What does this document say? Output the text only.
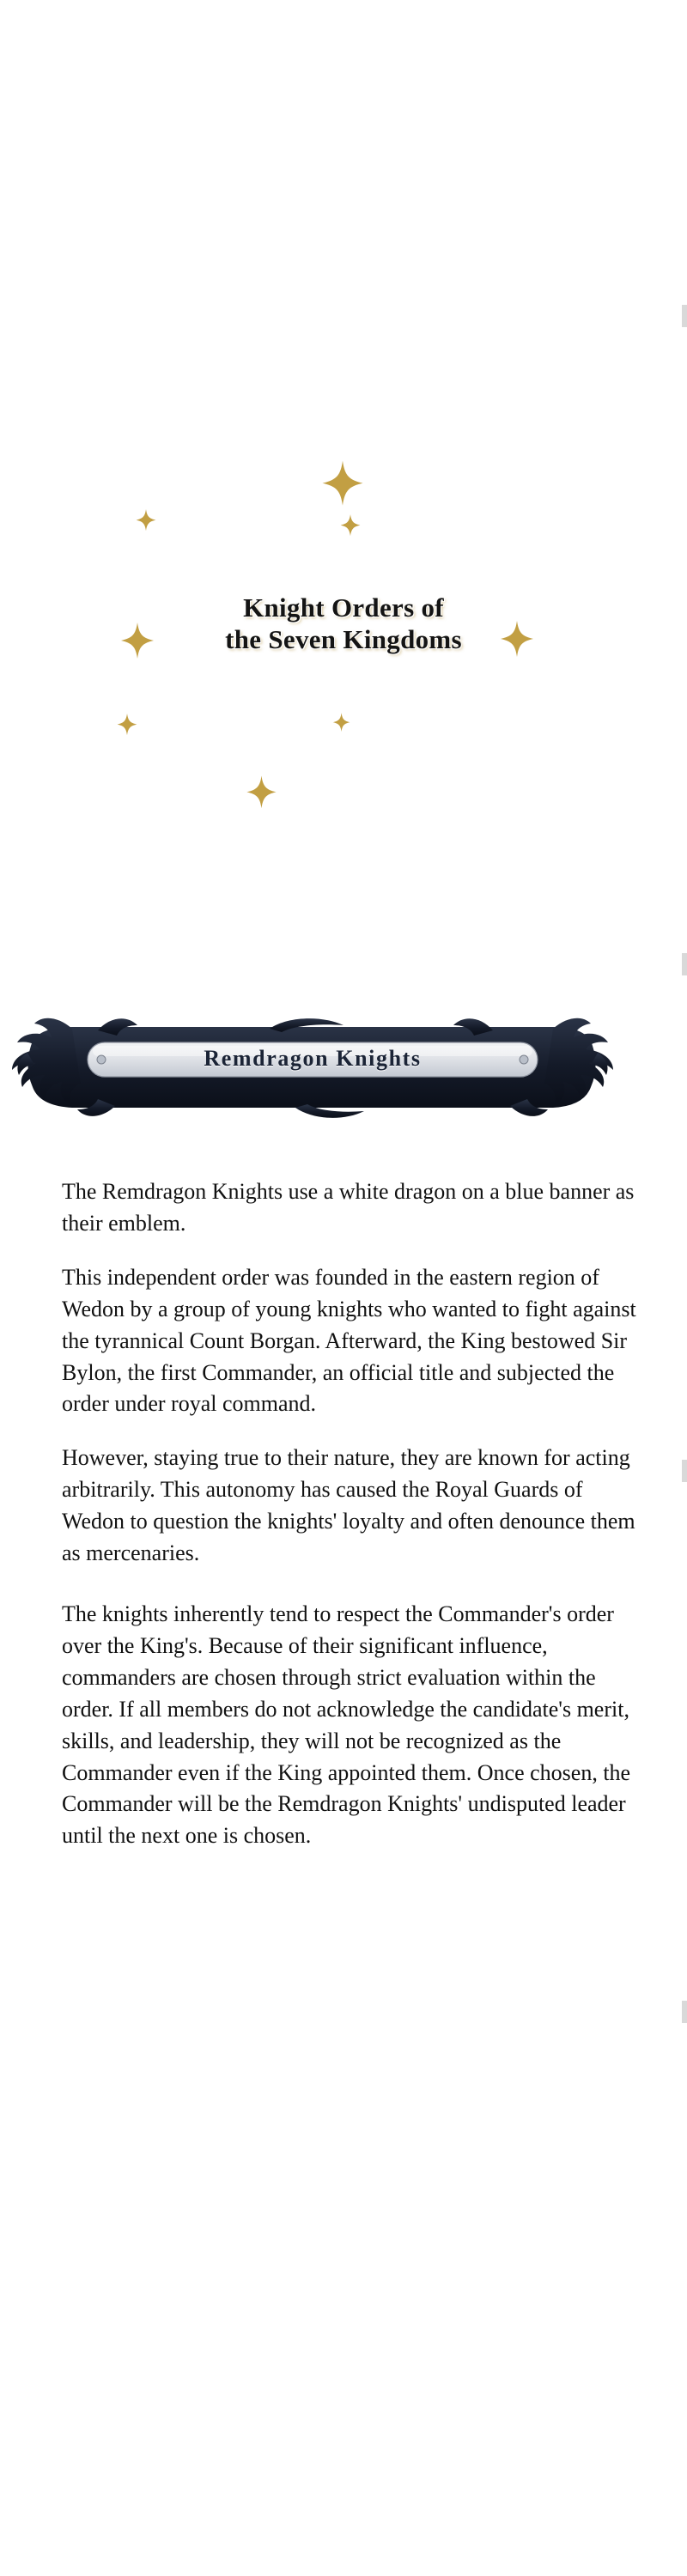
Knight Orders of
the Seven Kingdoms
Remdragon Knights

The Remdragon Knights use a white dragon on a blue banner as their emblem.

This independent order was founded in the eastern region of Wedon by a group of young knights who wanted to fight against the tyrannical Count Borgan. Afterward, the King bestowed Sir Bylon, the first Commander, an official title and subjected the order under royal command.

However, staying true to their nature, they are known for acting arbitrarily. This autonomy has caused the Royal Guards of Wedon to question the knights' loyalty and often denounce them as mercenaries.

The knights inherently tend to respect the Commander's order over the King's. Because of their significant influence, commanders are chosen through strict evaluation within the order. If all members do not acknowledge the candidate's merit, skills, and leadership, they will not be recognized as the Commander even if the King appointed them. Once chosen, the Commander will be the Remdragon Knights' undisputed leader until the next one is chosen.
